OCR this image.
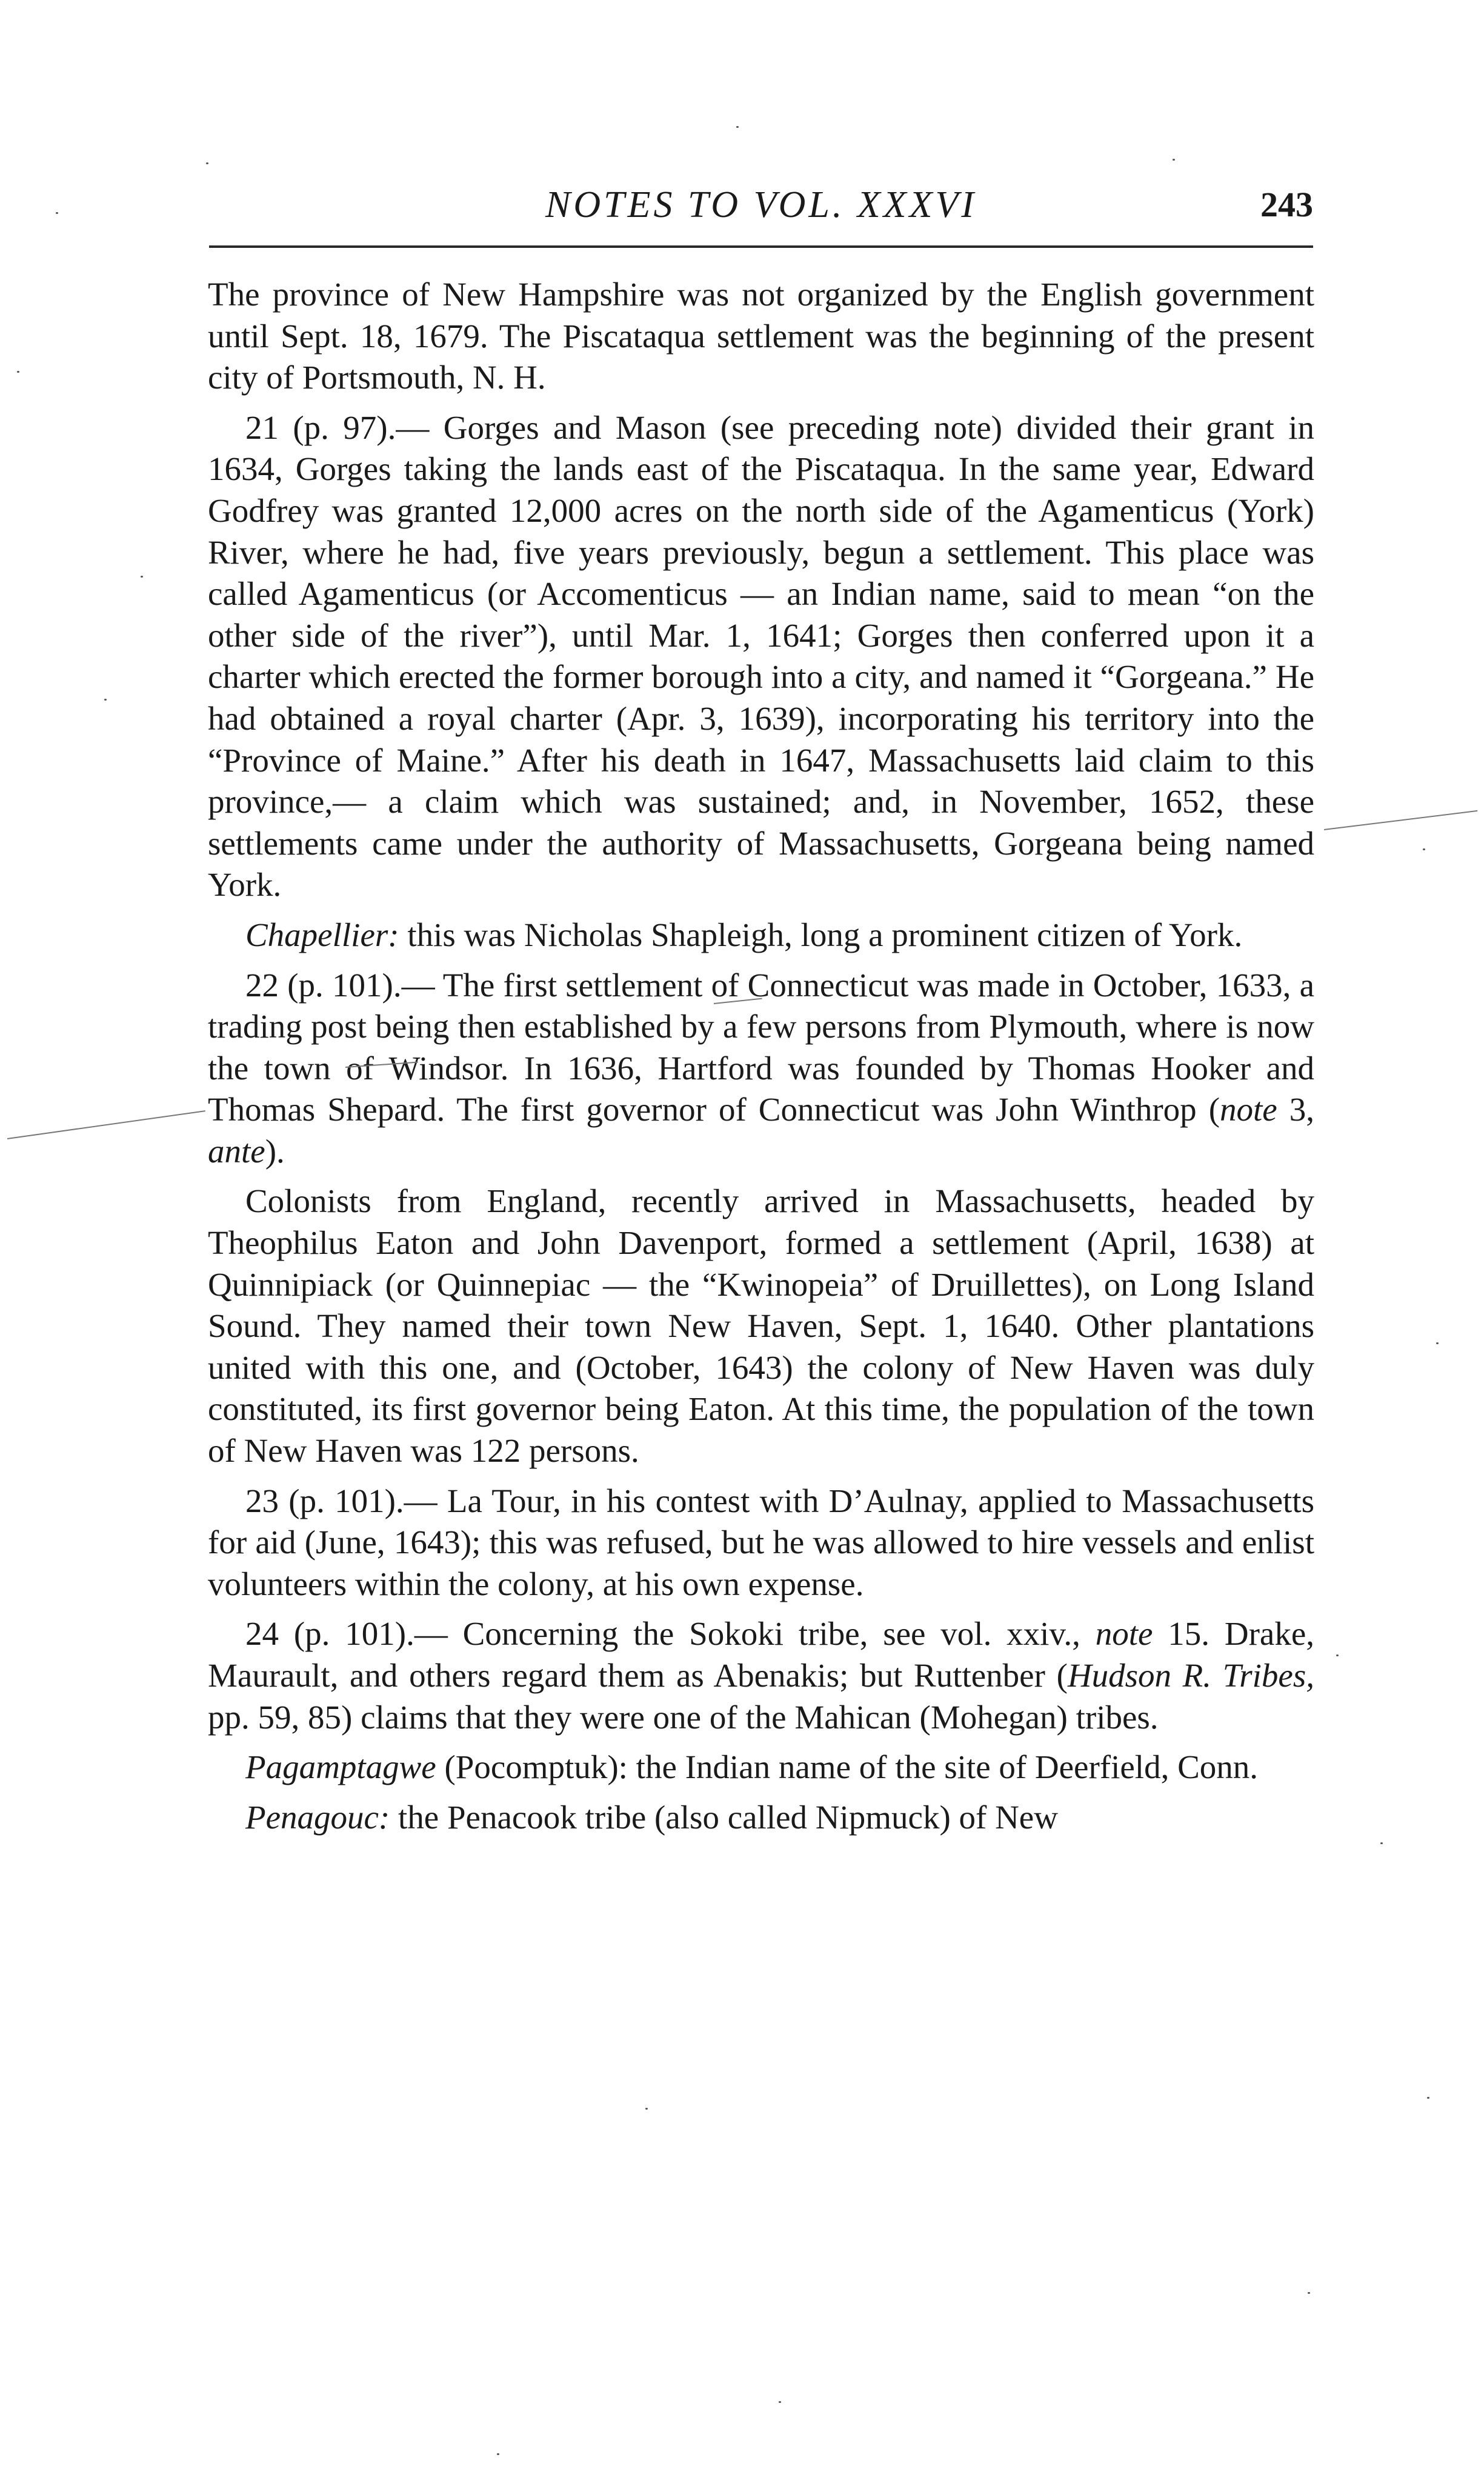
NOTES TO VOL. XXXVI	243

The province of New Hampshire was not organized by the English government until Sept. 18, 1679. The Piscataqua settlement was the beginning of the present city of Portsmouth, N. H.

21 (p. 97).— Gorges and Mason (see preceding note) divided their grant in 1634, Gorges taking the lands east of the Piscataqua. In the same year, Edward Godfrey was granted 12,000 acres on the north side of the Agamenticus (York) River, where he had, five years previously, begun a settlement. This place was called Agamenticus (or Accomenticus — an Indian name, said to mean “on the other side of the river”), until Mar. 1, 1641; Gorges then conferred upon it a charter which erected the former borough into a city, and named it “Gorgeana.” He had obtained a royal charter (Apr. 3, 1639), incorporating his territory into the “Province of Maine.” After his death in 1647, Massachusetts laid claim to this province,— a claim which was sustained; and, in November, 1652, these settlements came under the authority of Massachusetts, Gorgeana being named York.

Chapellier: this was Nicholas Shapleigh, long a prominent citizen of York.

22 (p. 101).— The first settlement of Connecticut was made in October, 1633, a trading post being then established by a few persons from Plymouth, where is now the town of Windsor. In 1636, Hartford was founded by Thomas Hooker and Thomas Shepard. The first governor of Connecticut was John Winthrop (note 3, ante).

Colonists from England, recently arrived in Massachusetts, headed by Theophilus Eaton and John Davenport, formed a settlement (April, 1638) at Quinnipiack (or Quinnepiac — the “Kwinopeia” of Druillettes), on Long Island Sound. They named their town New Haven, Sept. 1, 1640. Other plantations united with this one, and (October, 1643) the colony of New Haven was duly constituted, its first governor being Eaton. At this time, the population of the town of New Haven was 122 persons.

23 (p. 101).— La Tour, in his contest with D’Aulnay, applied to Massachusetts for aid (June, 1643); this was refused, but he was allowed to hire vessels and enlist volunteers within the colony, at his own expense.

24 (p. 101).— Concerning the Sokoki tribe, see vol. xxiv., note 15. Drake, Maurault, and others regard them as Abenakis; but Ruttenber (Hudson R. Tribes, pp. 59, 85) claims that they were one of the Mahican (Mohegan) tribes.

Pagamptagwe (Pocomptuk): the Indian name of the site of Deerfield, Conn.

Penagouc: the Penacook tribe (also called Nipmuck) of New
